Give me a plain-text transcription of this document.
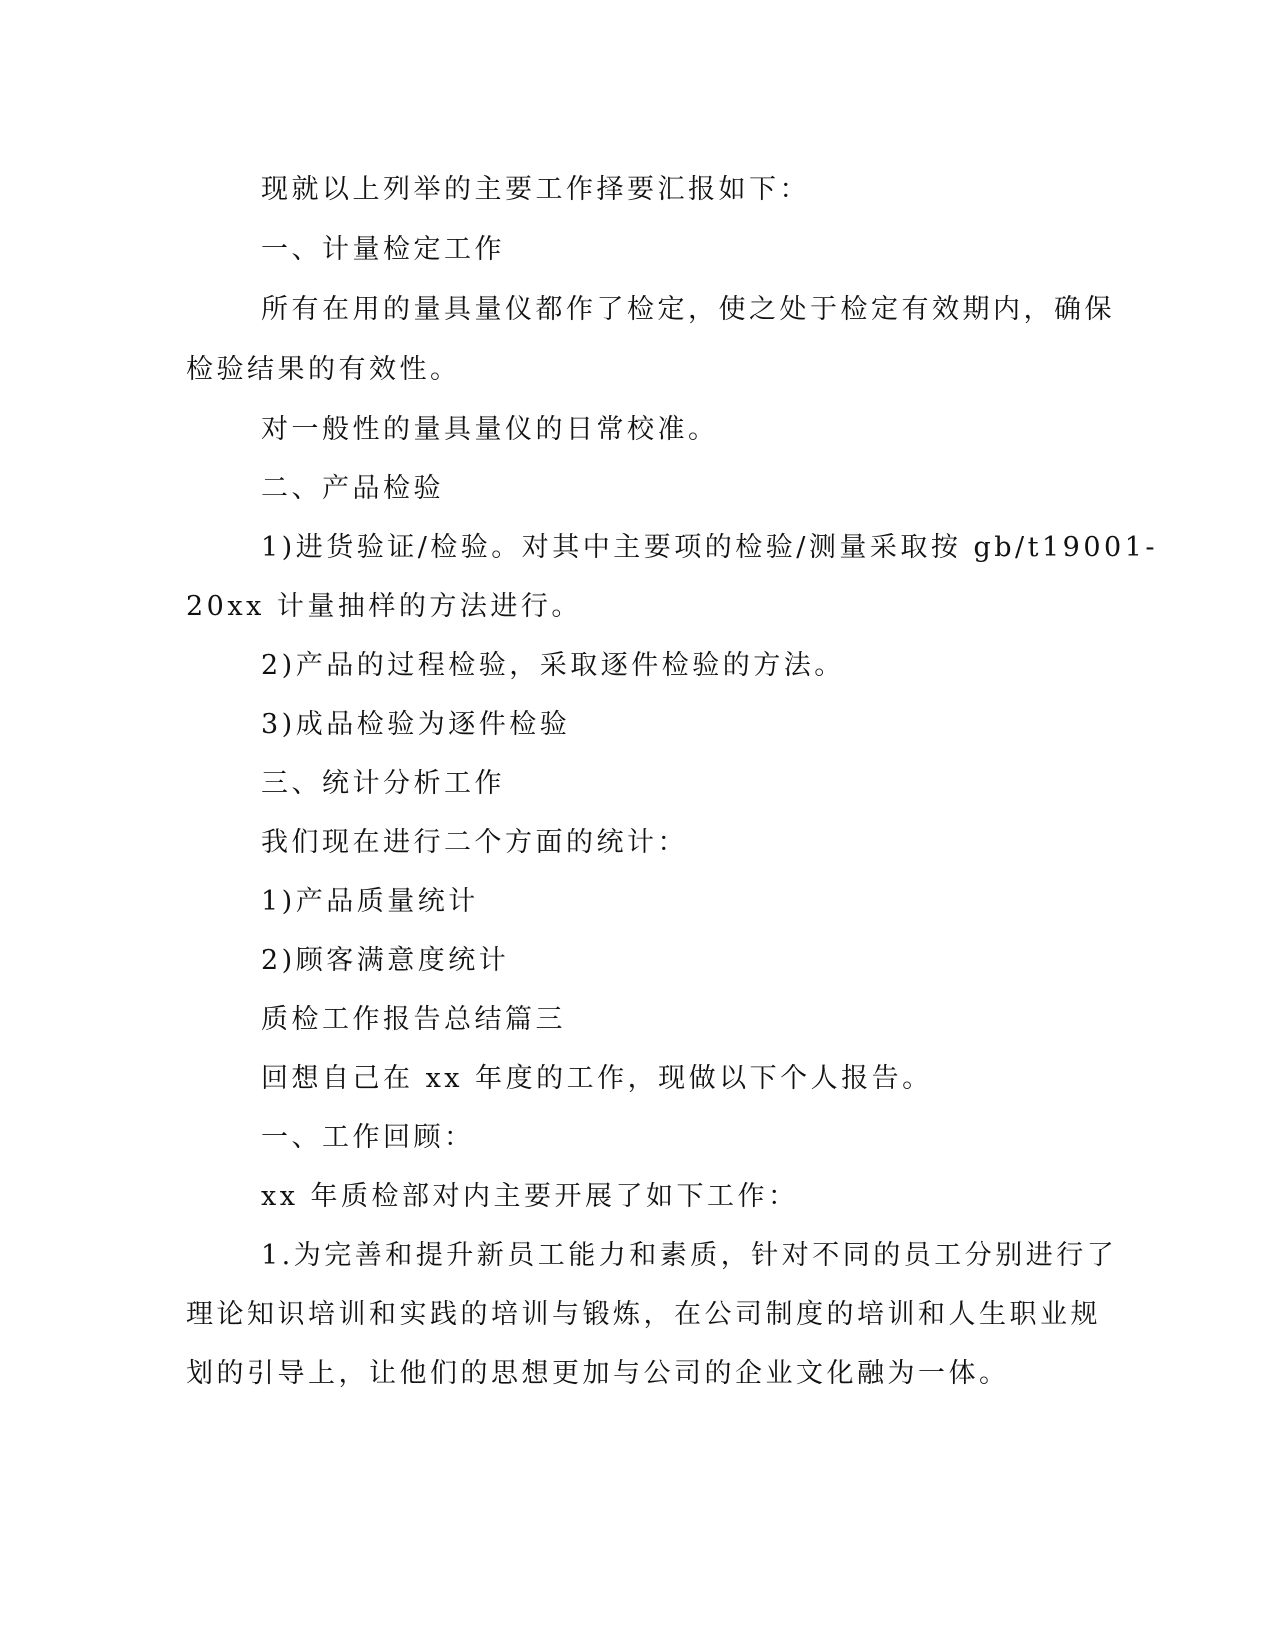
现就以上列举的主要工作择要汇报如下：
一、计量检定工作
所有在用的量具量仪都作了检定，使之处于检定有效期内，确保
检验结果的有效性。
对一般性的量具量仪的日常校准。
二、产品检验
1)进货验证/检验。对其中主要项的检验/测量采取按 gb/t19001-
20xx 计量抽样的方法进行。
2)产品的过程检验，采取逐件检验的方法。
3)成品检验为逐件检验
三、统计分析工作
我们现在进行二个方面的统计：
1)产品质量统计
2)顾客满意度统计
质检工作报告总结篇三
回想自己在 xx 年度的工作，现做以下个人报告。
一、工作回顾：
xx 年质检部对内主要开展了如下工作：
1.为完善和提升新员工能力和素质，针对不同的员工分别进行了
理论知识培训和实践的培训与锻炼，在公司制度的培训和人生职业规
划的引导上，让他们的思想更加与公司的企业文化融为一体。
